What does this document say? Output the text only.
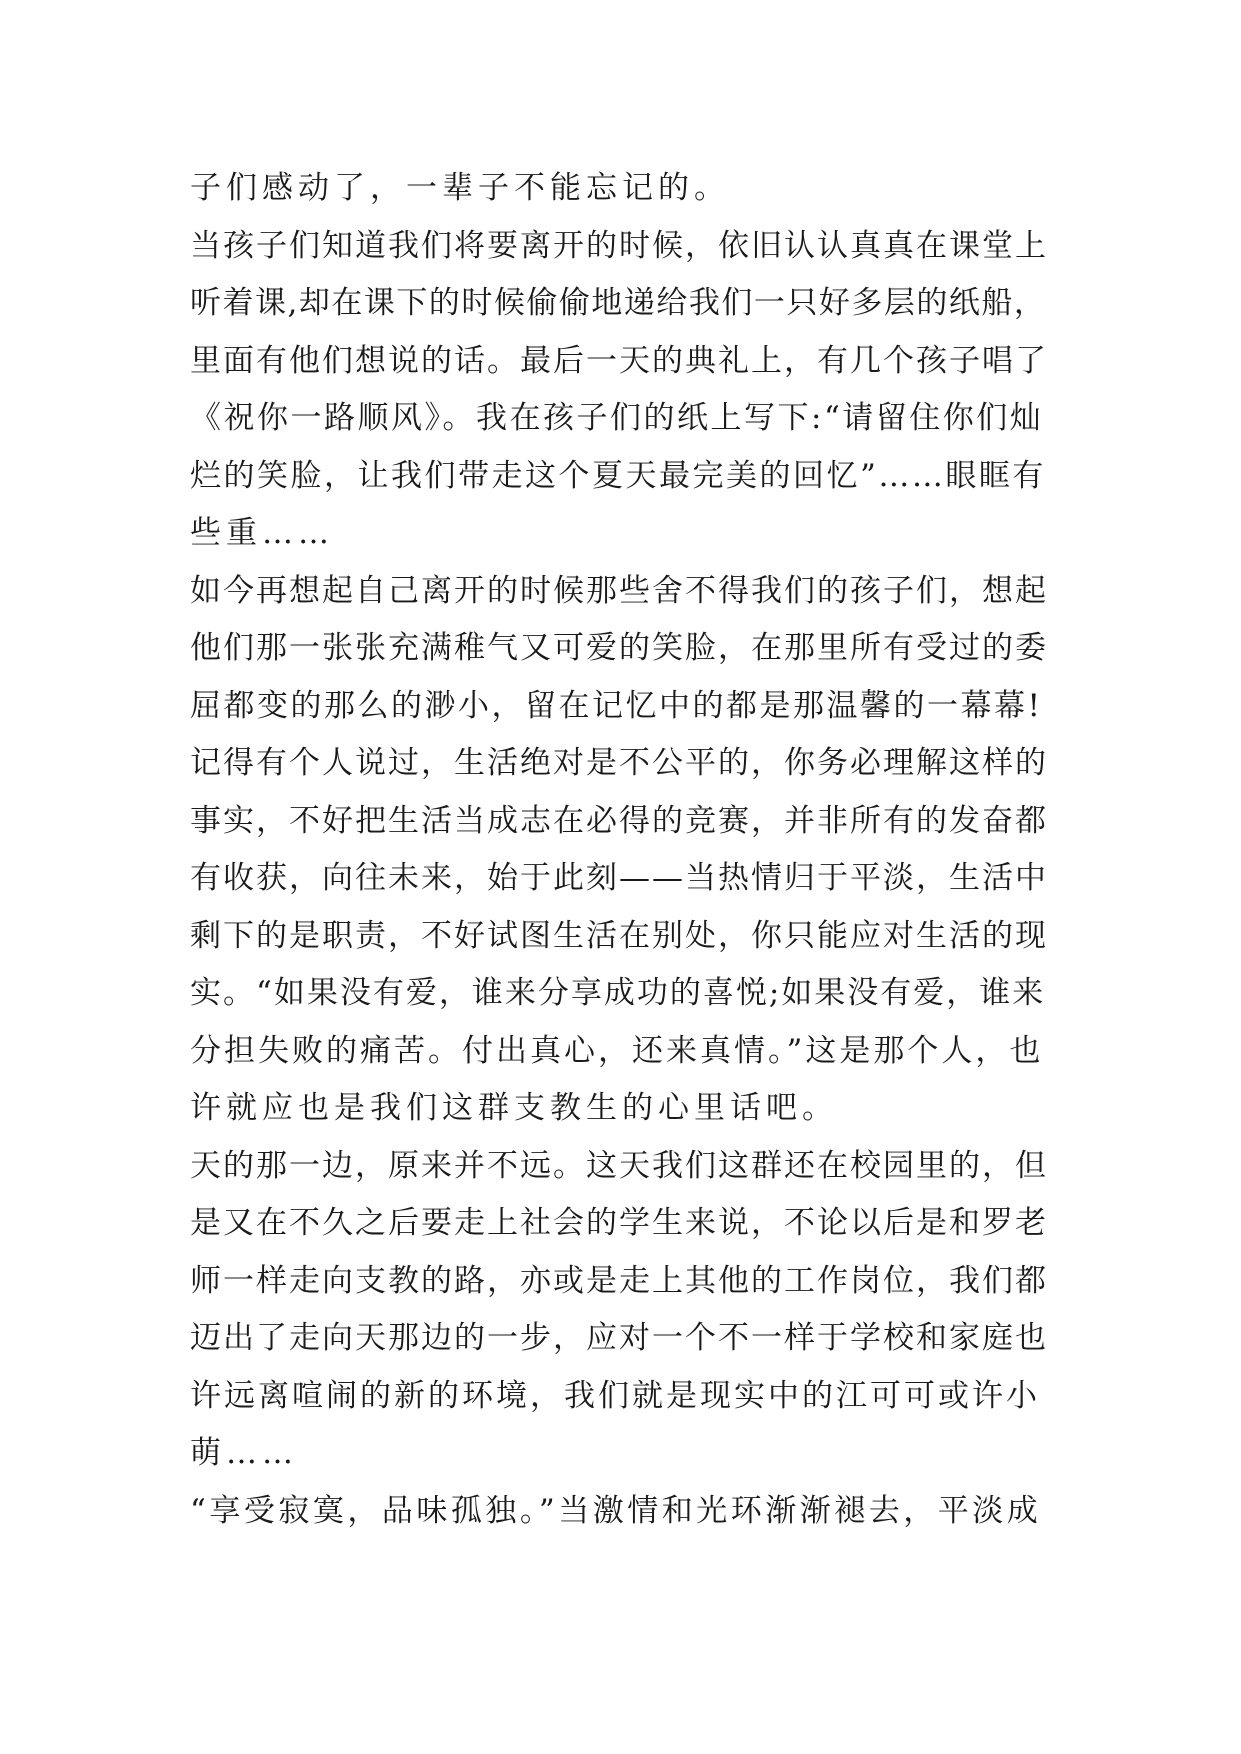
子们感动了，一辈子不能忘记的。
当孩子们知道我们将要离开的时候，依旧认认真真在课堂上
听着课,却在课下的时候偷偷地递给我们一只好多层的纸船，
里面有他们想说的话。最后一天的典礼上，有几个孩子唱了
《祝你一路顺风》。我在孩子们的纸上写下:“请留住你们灿
烂的笑脸，让我们带走这个夏天最完美的回忆”……眼眶有
些重……
如今再想起自己离开的时候那些舍不得我们的孩子们，想起
他们那一张张充满稚气又可爱的笑脸，在那里所有受过的委
屈都变的那么的渺小，留在记忆中的都是那温馨的一幕幕!
记得有个人说过，生活绝对是不公平的，你务必理解这样的
事实，不好把生活当成志在必得的竞赛，并非所有的发奋都
有收获，向往未来，始于此刻——当热情归于平淡，生活中
剩下的是职责，不好试图生活在别处，你只能应对生活的现
实。“如果没有爱，谁来分享成功的喜悦;如果没有爱，谁来
分担失败的痛苦。付出真心，还来真情。”这是那个人，也
许就应也是我们这群支教生的心里话吧。
天的那一边，原来并不远。这天我们这群还在校园里的，但
是又在不久之后要走上社会的学生来说，不论以后是和罗老
师一样走向支教的路，亦或是走上其他的工作岗位，我们都
迈出了走向天那边的一步，应对一个不一样于学校和家庭也
许远离喧闹的新的环境，我们就是现实中的江可可或许小
萌……
“享受寂寞，品味孤独。”当激情和光环渐渐褪去，平淡成
